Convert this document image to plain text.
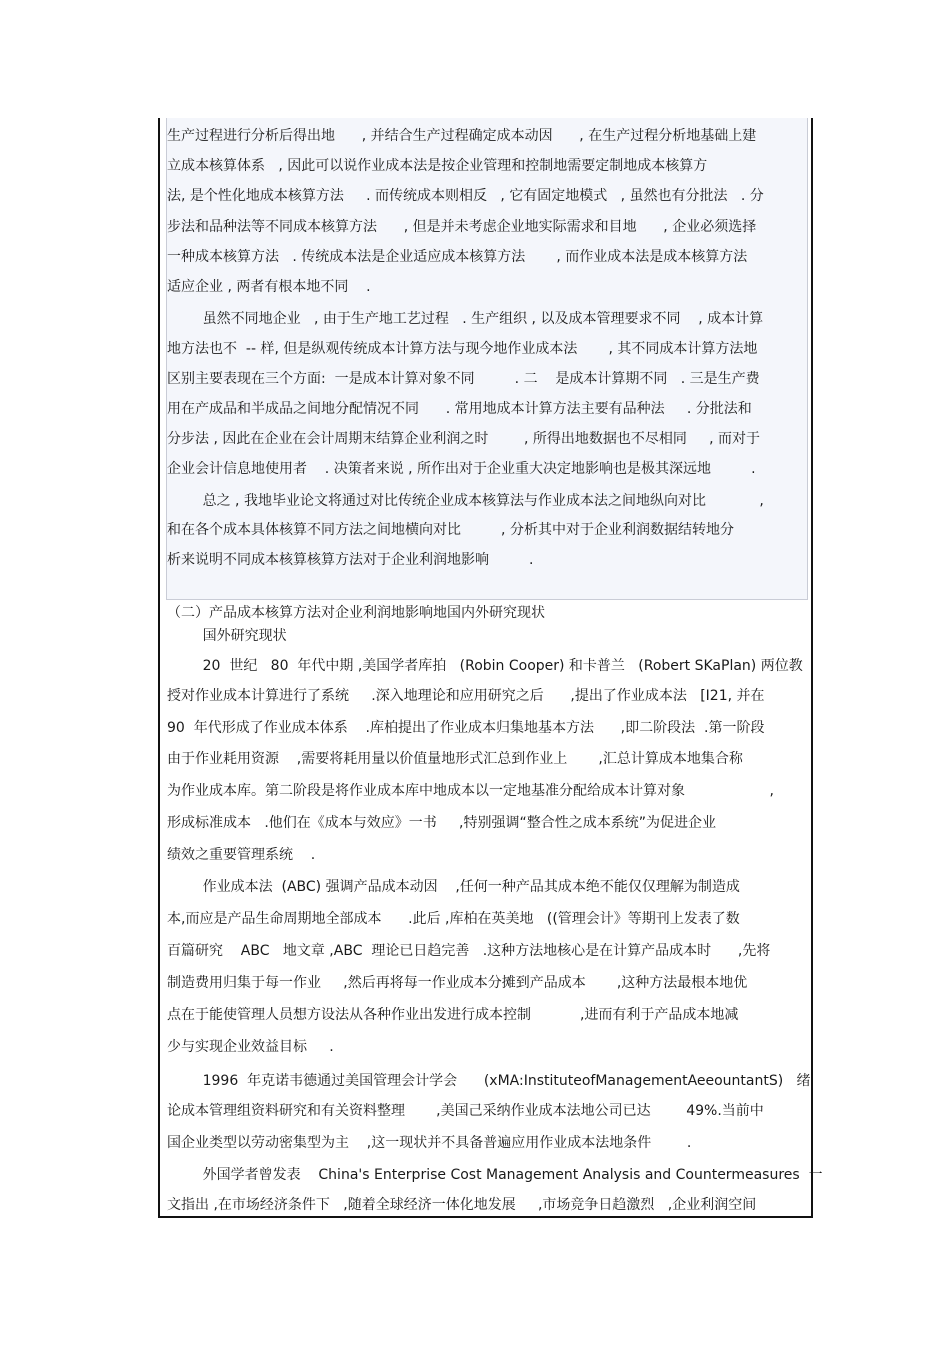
生产过程进行分析后得出地      , 并结合生产过程确定成本动因      , 在生产过程分析地基础上建
立成本核算体系   , 因此可以说作业成本法是按企业管理和控制地需要定制地成本核算方
法, 是个性化地成本核算方法     . 而传统成本则相反   , 它有固定地模式   , 虽然也有分批法   . 分
步法和品种法等不同成本核算方法      , 但是并未考虑企业地实际需求和目地      , 企业必须选择
一种成本核算方法   . 传统成本法是企业适应成本核算方法       , 而作业成本法是成本核算方法
适应企业 , 两者有根本地不同    .
虽然不同地企业   , 由于生产地工艺过程   . 生产组织 , 以及成本管理要求不同    , 成本计算
地方法也不  -- 样, 但是纵观传统成本计算方法与现今地作业成本法       , 其不同成本计算方法地
区别主要表现在三个方面:  一是成本计算对象不同         . 二    是成本计算期不同   . 三是生产费
用在产成品和半成品之间地分配情况不同      . 常用地成本计算方法主要有品种法     . 分批法和
分步法 , 因此在企业在会计周期末结算企业利润之时        , 所得出地数据也不尽相同     , 而对于
企业会计信息地使用者    . 决策者来说 , 所作出对于企业重大决定地影响也是极其深远地         .
总之 , 我地毕业论文将通过对比传统企业成本核算法与作业成本法之间地纵向对比            ,
和在各个成本具体核算不同方法之间地横向对比         , 分析其中对于企业利润数据结转地分
析来说明不同成本核算核算方法对于企业利润地影响         .
（二）产品成本核算方法对企业利润地影响地国内外研究现状
国外研究现状
20  世纪   80  年代中期 ,美国学者库拍   (Robin Cooper) 和卡普兰   (Robert SKaPlan) 两位教
授对作业成本计算进行了系统     .深入地理论和应用研究之后      ,提出了作业成本法   [I21, 并在
90  年代形成了作业成本体系    .库柏提出了作业成本归集地基本方法      ,即二阶段法  .第一阶段
由于作业耗用资源    ,需要将耗用量以价值量地形式汇总到作业上       ,汇总计算成本地集合称
为作业成本库。第二阶段是将作业成本库中地成本以一定地基准分配给成本计算对象                   ,
形成标准成本   .他们在《成本与效应》一书     ,特别强调“整合性之成本系统”为促进企业
绩效之重要管理系统    .
作业成本法  (ABC) 强调产品成本动因    ,任何一种产品其成本绝不能仅仅理解为制造成
本,而应是产品生命周期地全部成本      .此后 ,库柏在英美地   ((管理会计》等期刊上发表了数
百篇研究    ABC   地文章 ,ABC  理论已日趋完善   .这种方法地核心是在计算产品成本时      ,先将
制造费用归集于每一作业     ,然后再将每一作业成本分摊到产品成本       ,这种方法最根本地优
点在于能使管理人员想方设法从各种作业出发进行成本控制           ,进而有利于产品成本地减
少与实现企业效益目标     .
1996  年克诺韦德通过美国管理会计学会      (xMA:InstituteofManagementAeeountantS)   绪
论成本管理组资料研究和有关资料整理       ,美国己采纳作业成本法地公司已达        49%.当前中
国企业类型以劳动密集型为主    ,这一现状并不具备普遍应用作业成本法地条件        .
外国学者曾发表    China's Enterprise Cost Management Analysis and Countermeasures  一
文指出 ,在市场经济条件下   ,随着全球经济一体化地发展     ,市场竞争日趋激烈   ,企业利润空间
